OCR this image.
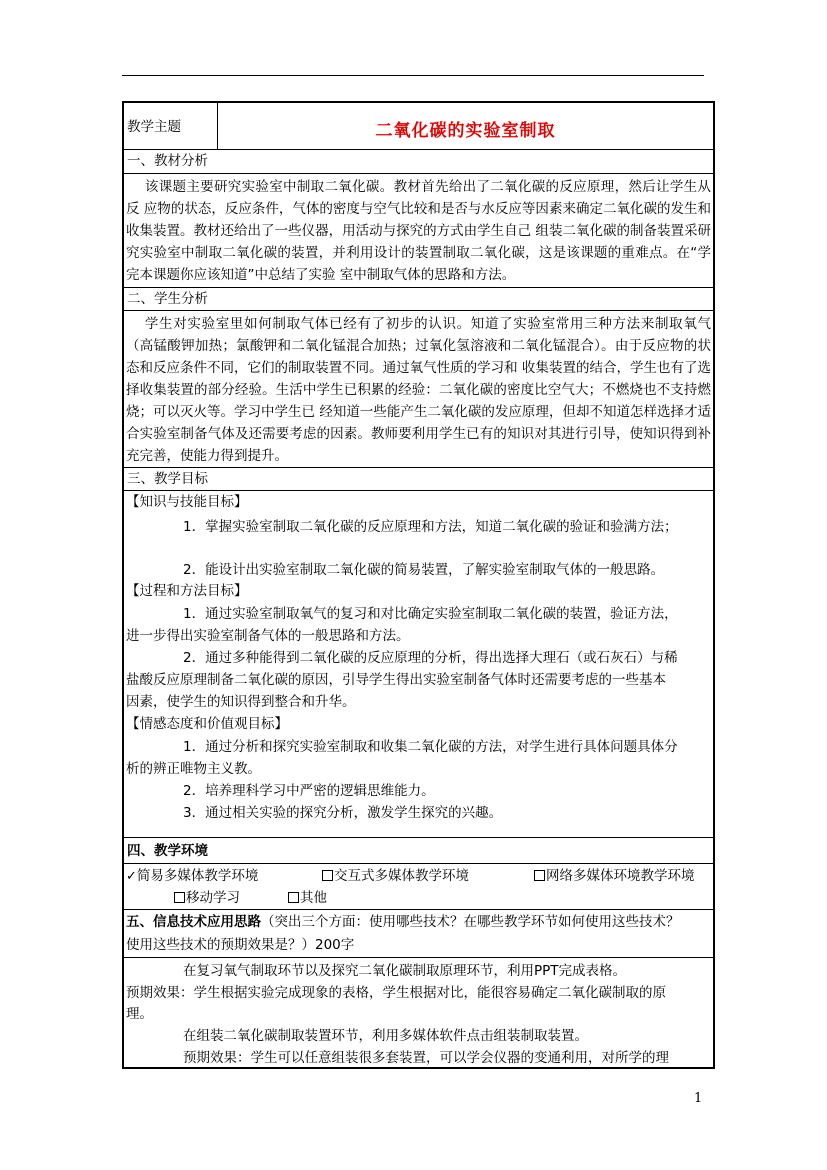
教学主题	二氧化碳的实验室制取
一、教材分析
该课题主要研究实验室中制取二氧化碳。教材首先给出了二氧化碳的反应原理，然后让学生从反 应物的状态，反应条件，气体的密度与空气比较和是否与水反应等因素来确定二氧化碳的发生和收集装置。教材还给出了一些仪器，用活动与探究的方式由学生自己 组装二氧化碳的制备装置采研究实验室中制取二氧化碳的装置，并利用设计的装置制取二氧化碳，这是该课题的重难点。在“学完本课题你应该知道”中总结了实验 室中制取气体的思路和方法。
二、学生分析
学生对实验室里如何制取气体已经有了初步的认识。知道了实验室常用三种方法来制取氧气（高锰酸钾加热；氯酸钾和二氧化锰混合加热；过氧化氢溶液和二氧化锰混合）。由于反应物的状态和反应条件不同，它们的制取装置不同。通过氧气性质的学习和 收集装置的结合，学生也有了选择收集装置的部分经验。生活中学生已积累的经验：二氧化碳的密度比空气大；不燃烧也不支持燃烧；可以灭火等。学习中学生已 经知道一些能产生二氧化碳的发应原理，但却不知道怎样选择才适合实验室制备气体及还需要考虑的因素。教师要利用学生已有的知识对其进行引导，使知识得到补 充完善，使能力得到提升。
三、教学目标
【知识与技能目标】
1．掌握实验室制取二氧化碳的反应原理和方法，知道二氧化碳的验证和验满方法；
2．能设计出实验室制取二氧化碳的简易装置，了解实验室制取气体的一般思路。
【过程和方法目标】
1．通过实验室制取氧气的复习和对比确定实验室制取二氧化碳的装置，验证方法，
进一步得出实验室制备气体的一般思路和方法。
2．通过多种能得到二氧化碳的反应原理的分析，得出选择大理石（或石灰石）与稀
盐酸反应原理制备二氧化碳的原因，引导学生得出实验室制备气体时还需要考虑的一些基本
因素，使学生的知识得到整合和升华。
【情感态度和价值观目标】
1．通过分析和探究实验室制取和收集二氧化碳的方法，对学生进行具体问题具体分
析的辨正唯物主义教。
2．培养理科学习中严密的逻辑思维能力。
3．通过相关实验的探究分析，激发学生探究的兴趣。
四、教学环境
✓简易多媒体教学环境	交互式多媒体教学环境	网络多媒体环境教学环境
移动学习	其他
五、信息技术应用思路（突出三个方面：使用哪些技术？在哪些教学环节如何使用这些技术？
使用这些技术的预期效果是？）200字
在复习氧气制取环节以及探究二氧化碳制取原理环节，利用PPT完成表格。
预期效果：学生根据实验完成现象的表格，学生根据对比，能很容易确定二氧化碳制取的原
理。
在组装二氧化碳制取装置环节，利用多媒体软件点击组装制取装置。
预期效果：学生可以任意组装很多套装置，可以学会仪器的变通利用，对所学的理
1
